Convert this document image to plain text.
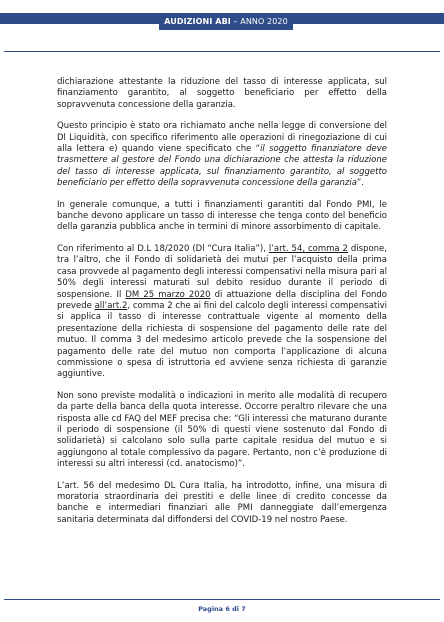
AUDIZIONI ABI – ANNO 2020

dichiarazione attestante la riduzione del tasso di interesse applicata, sul finanziamento garantito, al soggetto beneficiario per effetto della sopravvenuta concessione della garanzia.

Questo principio è stato ora richiamato anche nella legge di conversione del Dl Liquidità, con specifico riferimento alle operazioni di rinegoziazione di cui alla lettera e) quando viene specificato che “il soggetto finanziatore deve trasmettere al gestore del Fondo una dichiarazione che attesta la riduzione del tasso di interesse applicata, sul finanziamento garantito, al soggetto beneficiario per effetto della sopravvenuta concessione della garanzia”.

In generale comunque, a tutti i finanziamenti garantiti dal Fondo PMI, le banche devono applicare un tasso di interesse che tenga conto del beneficio della garanzia pubblica anche in termini di minore assorbimento di capitale.

Con riferimento al D.L 18/2020 (Dl “Cura Italia”), l’art. 54, comma 2 dispone, tra l’altro, che il Fondo di solidarietà dei mutui per l’acquisto della prima casa provvede al pagamento degli interessi compensativi nella misura pari al 50% degli interessi maturati sul debito residuo durante il periodo di sospensione. Il DM 25 marzo 2020 di attuazione della disciplina del Fondo prevede all’art.2, comma 2 che ai fini del calcolo degli interessi compensativi si applica il tasso di interesse contrattuale vigente al momento della presentazione della richiesta di sospensione del pagamento delle rate del mutuo. Il comma 3 del medesimo articolo prevede che la sospensione del pagamento delle rate del mutuo non comporta l’applicazione di alcuna commissione o spesa di istruttoria ed avviene senza richiesta di garanzie aggiuntive.

Non sono previste modalità o indicazioni in merito alle modalità di recupero da parte della banca della quota interesse. Occorre peraltro rilevare che una risposta alle cd FAQ del MEF precisa che: “Gli interessi che maturano durante il periodo di sospensione (il 50% di questi viene sostenuto dal Fondo di solidarietà) si calcolano solo sulla parte capitale residua del mutuo e si aggiungono al totale complessivo da pagare. Pertanto, non c’è produzione di interessi su altri interessi (cd. anatocismo)”.

L’art. 56 del medesimo DL Cura Italia, ha introdotto, infine, una misura di moratoria straordinaria dei prestiti e delle linee di credito concesse da banche e intermediari finanziari alle PMI danneggiate dall’emergenza sanitaria determinata dal diffondersi del COVID-19 nel nostro Paese.

Pagina 6 di 7
